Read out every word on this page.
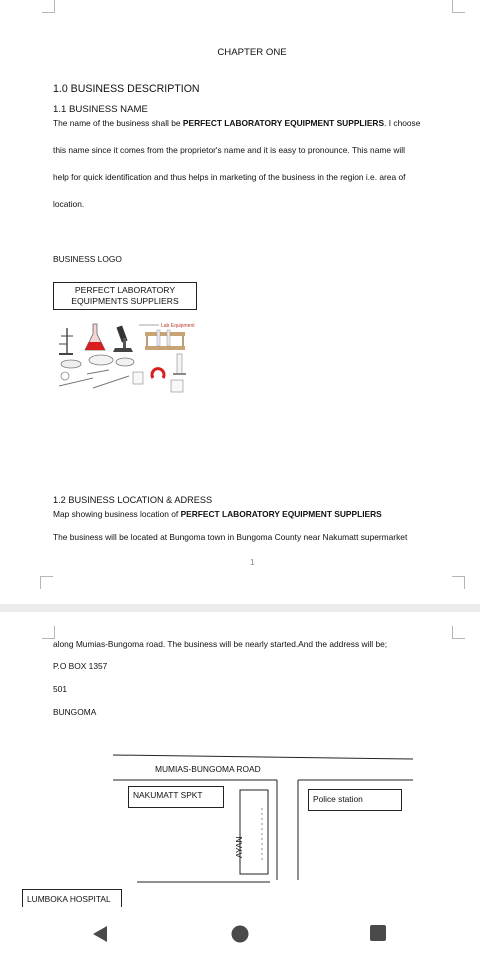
CHAPTER ONE
1.0 BUSINESS DESCRIPTION
1.1 BUSINESS NAME
The name of the business shall be PERFECT LABORATORY EQUIPMENT SUPPLIERS. I choose
this name since it comes from the proprietor's name and it is easy to pronounce. This name will
help for quick identification and thus helps in marketing of the business in the region i.e. area of
location.
BUSINESS LOGO
PERFECT LABORATORY
EQUIPMENTS SUPPLIERS
Lab Equipment
1.2 BUSINESS LOCATION & ADRESS
Map showing business location of PERFECT LABORATORY EQUIPMENT SUPPLIERS
The business will be located at Bungoma town in Bungoma County near Nakumatt supermarket
1
along Mumias-Bungoma road. The business will be nearly started.And the address will be;
P.O BOX 1357
501
BUNGOMA
MUMIAS-BUNGOMA ROAD
NAKUMATT SPKT	Police station
AYAN
LUMBOKA HOSPITAL
